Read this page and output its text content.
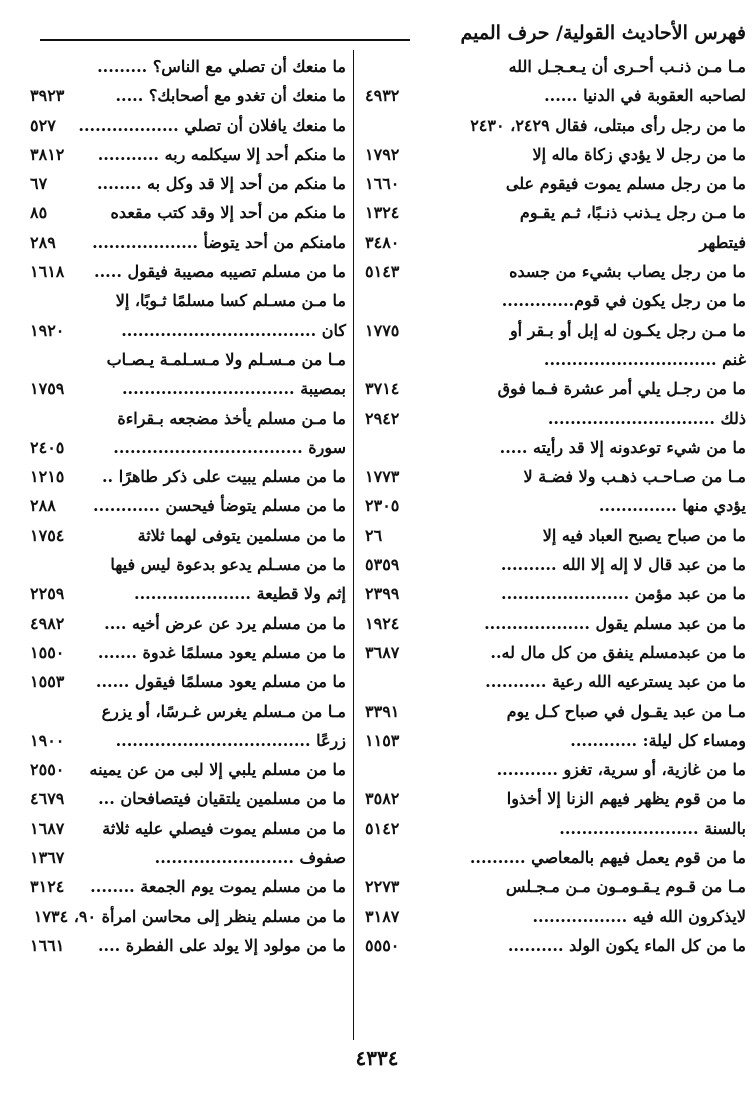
فهرس الأحاديث القولية/ حرف الميم
مـا مـن ذنـب أحـرى أن يـعـجـل الله
لصاحبه العقوبة في الدنيا ......
٤٩٣٢
ما من رجل رأى مبتلى، فقال ٢٤٢٩، ٢٤٣٠
ما من رجل لا يؤدي زكاة ماله إلا
١٧٩٢
ما من رجل مسلم يموت فيقوم على
١٦٦٠
ما مـن رجل يـذنب ذنـبًا، ثـم يقـوم
١٣٢٤
فيتطهر
٣٤٨٠
ما من رجل يصاب بشيء من جسده
٥١٤٣
ما من رجل يكون في قوم.............
ما مـن رجل يكـون له إبل أو بـقر أو
١٧٧٥
غنم ...............................
ما من رجـل يلي أمر عشرة فـما فوق
٣٧١٤
ذلك ..............................
٢٩٤٢
ما من شيء توعدونه إلا قد رأيته .....
مـا من صـاحـب ذهـب ولا فضـة لا
١٧٧٣
يؤدي منها ..............
٢٣٠٥
ما من صباح يصبح العباد فيه إلا
٢٦
ما من عبد قال لا إله إلا الله ..........
٥٣٥٩
ما من عبد مؤمن .......................
٢٣٩٩
ما من عبد مسلم يقول ...................
١٩٢٤
ما من عبدمسلم ينفق من كل مال له..
٣٦٨٧
ما من عبد يسترعيه الله رعية ...........
مـا من عبد يقـول في صباح كـل يوم
٣٣٩١
ومساء كل ليلة: ............
١١٥٣
ما من غازية، أو سرية، تغزو ...........
ما من قوم يظهر فيهم الزنا إلا أخذوا
٣٥٨٢
بالسنة .........................
٥١٤٢
ما من قوم يعمل فيهم بالمعاصي ..........
مـا من قـوم يـقـومـون مـن مـجـلس
٢٢٧٣
لايذكرون الله فيه .................
٣١٨٧
ما من كل الماء يكون الولد ..........
٥٥٥٠
ما منعك أن تصلي مع الناس؟ .........
ما منعك أن تغدو مع أصحابك؟ .....
٣٩٢٣
ما منعك يافلان أن تصلي ..................
٥٢٧
ما منكم أحد إلا سيكلمه ربه ...........
٣٨١٢
ما منكم من أحد إلا قد وكل به ........
٦٧
ما منكم من أحد إلا وقد كتب مقعده
٨٥
مامنكم من أحد يتوضأ ...................
٢٨٩
ما من مسلم تصيبه مصيبة فيقول .....
١٦١٨
ما مـن مسـلم كسا مسلمًا ثـوبًا، إلا
كان ...................................
١٩٢٠
مـا من مـسـلم ولا مـسـلمـة يـصـاب
بمصيبة ...............................
١٧٥٩
ما مـن مسلم يأخذ مضجعه بـقراءة
سورة ..................................
٢٤٠٥
ما من مسلم يبيت على ذكر طاهرًا ..
١٢١٥
ما من مسلم يتوضأ فيحسن ............
٢٨٨
ما من مسلمين يتوفى لهما ثلاثة
١٧٥٤
ما من مسـلم يدعو بدعوة ليس فيها
إثم ولا قطيعة .....................
٢٢٥٩
ما من مسلم يرد عن عرض أخيه ....
٤٩٨٢
ما من مسلم يعود مسلمًا غدوة .......
١٥٥٠
ما من مسلم يعود مسلمًا فيقول ......
١٥٥٣
مـا من مـسلم يغرس غـرسًا، أو يزرع
زرعًا ...................................
١٩٠٠
ما من مسلم يلبي إلا لبى من عن يمينه
٢٥٥٠
ما من مسلمين يلتقيان فيتصافحان ...
٤٦٧٩
ما من مسلم يموت فيصلي عليه ثلاثة
١٦٨٧
صفوف .........................
١٣٦٧
ما من مسلم يموت يوم الجمعة ........
٣١٢٤
ما من مسلم ينظر إلى محاسن امرأة ٩٠، ١٧٣٤
ما من مولود إلا يولد على الفطرة ....
١٦٦١
٤٣٣٤
